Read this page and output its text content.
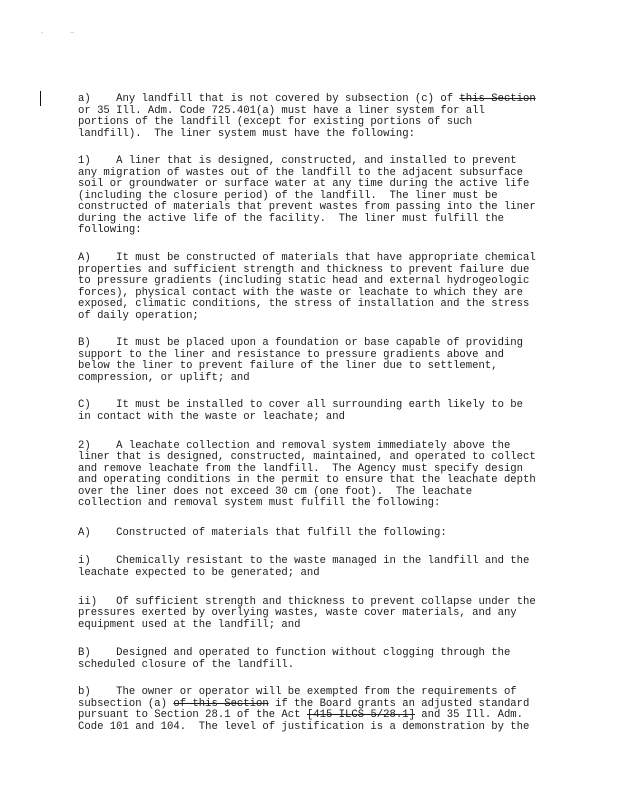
-	~

a)    Any landfill that is not covered by subsection (c) of this Section
or 35 Ill. Adm. Code 725.401(a) must have a liner system for all
portions of the landfill (except for existing portions of such
landfill).  The liner system must have the following:

1)    A liner that is designed, constructed, and installed to prevent
any migration of wastes out of the landfill to the adjacent subsurface
soil or groundwater or surface water at any time during the active life
(including the closure period) of the landfill.  The liner must be
constructed of materials that prevent wastes from passing into the liner
during the active life of the facility.  The liner must fulfill the
following:

A)    It must be constructed of materials that have appropriate chemical
properties and sufficient strength and thickness to prevent failure due
to pressure gradients (including static head and external hydrogeologic
forces), physical contact with the waste or leachate to which they are
exposed, climatic conditions, the stress of installation and the stress
of daily operation;

B)    It must be placed upon a foundation or base capable of providing
support to the liner and resistance to pressure gradients above and
below the liner to prevent failure of the liner due to settlement,
compression, or uplift; and

C)    It must be installed to cover all surrounding earth likely to be
in contact with the waste or leachate; and

2)    A leachate collection and removal system immediately above the
liner that is designed, constructed, maintained, and operated to collect
and remove leachate from the landfill.  The Agency must specify design
and operating conditions in the permit to ensure that the leachate depth
over the liner does not exceed 30 cm (one foot).  The leachate
collection and removal system must fulfill the following:

A)    Constructed of materials that fulfill the following:

i)    Chemically resistant to the waste managed in the landfill and the
leachate expected to be generated; and

ii)   Of sufficient strength and thickness to prevent collapse under the
pressures exerted by overlying wastes, waste cover materials, and any
equipment used at the landfill; and

B)    Designed and operated to function without clogging through the
scheduled closure of the landfill.

b)    The owner or operator will be exempted from the requirements of
subsection (a) of this Section if the Board grants an adjusted standard
pursuant to Section 28.1 of the Act [415 ILCS 5/28.1] and 35 Ill. Adm.
Code 101 and 104.  The level of justification is a demonstration by the
